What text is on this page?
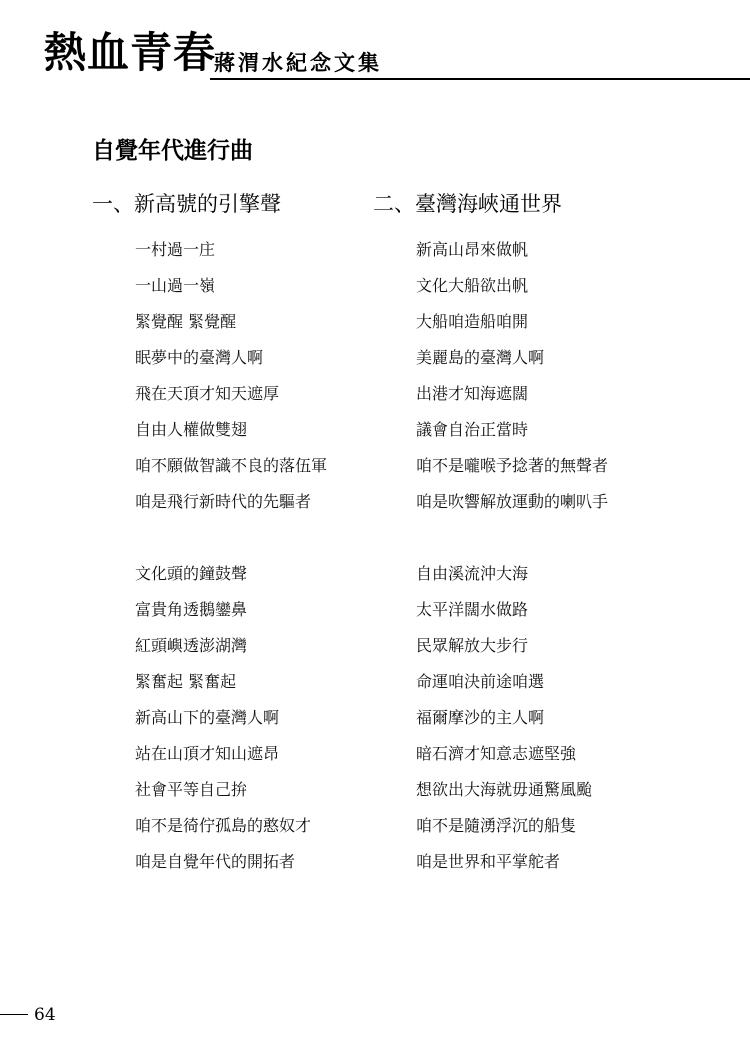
熱血青春
蔣渭水紀念文集
自覺年代進行曲
一、新高號的引擎聲
一村過一庄
一山過一嶺
緊覺醒 緊覺醒
眠夢中的臺灣人啊
飛在天頂才知天遮厚
自由人權做雙翅
咱不願做智識不良的落伍軍
咱是飛行新時代的先驅者
文化頭的鐘鼓聲
富貴角透鵝鑾鼻
紅頭嶼透澎湖灣
緊奮起 緊奮起
新高山下的臺灣人啊
站在山頂才知山遮昂
社會平等自己拚
咱不是徛佇孤島的憨奴才
咱是自覺年代的開拓者
二、臺灣海峽通世界
新高山昂來做帆
文化大船欲出帆
大船咱造船咱開
美麗島的臺灣人啊
出港才知海遮闊
議會自治正當時
咱不是嚨喉予捻著的無聲者
咱是吹響解放運動的喇叭手
自由溪流沖大海
太平洋闊水做路
民眾解放大步行
命運咱決前途咱選
福爾摩沙的主人啊
暗石濟才知意志遮堅強
想欲出大海就毋通驚風颱
咱不是隨湧浮沉的船隻
咱是世界和平掌舵者
64
